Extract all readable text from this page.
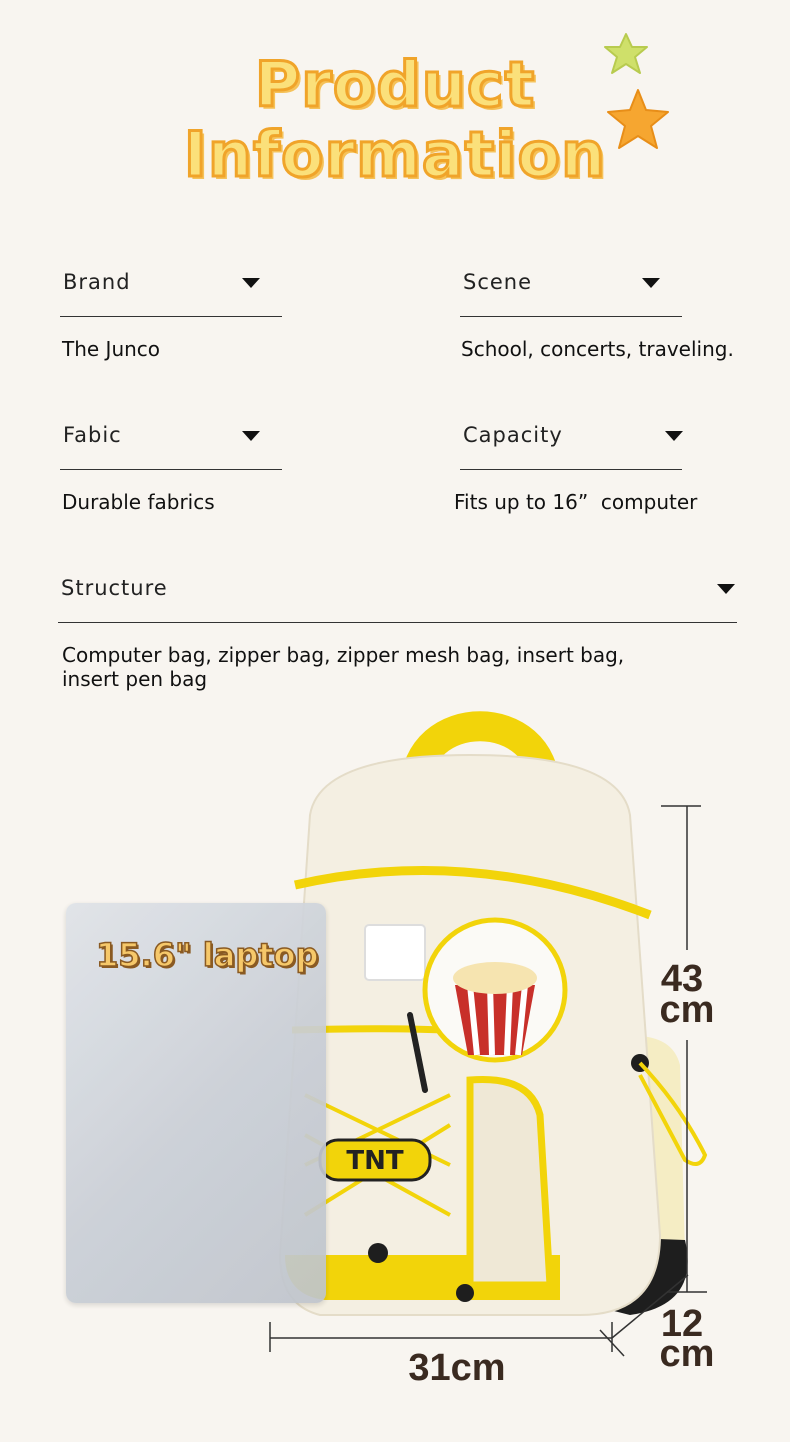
Product
Information
Brand
The Junco
Scene
School, concerts, traveling.
Fabic
Durable fabrics
Capacity
Fits up to 16”  computer
Structure
Computer bag, zipper bag, zipper mesh bag, insert bag,
insert pen bag
TNT
15.6" laptop
43
cm
31cm
12
cm
